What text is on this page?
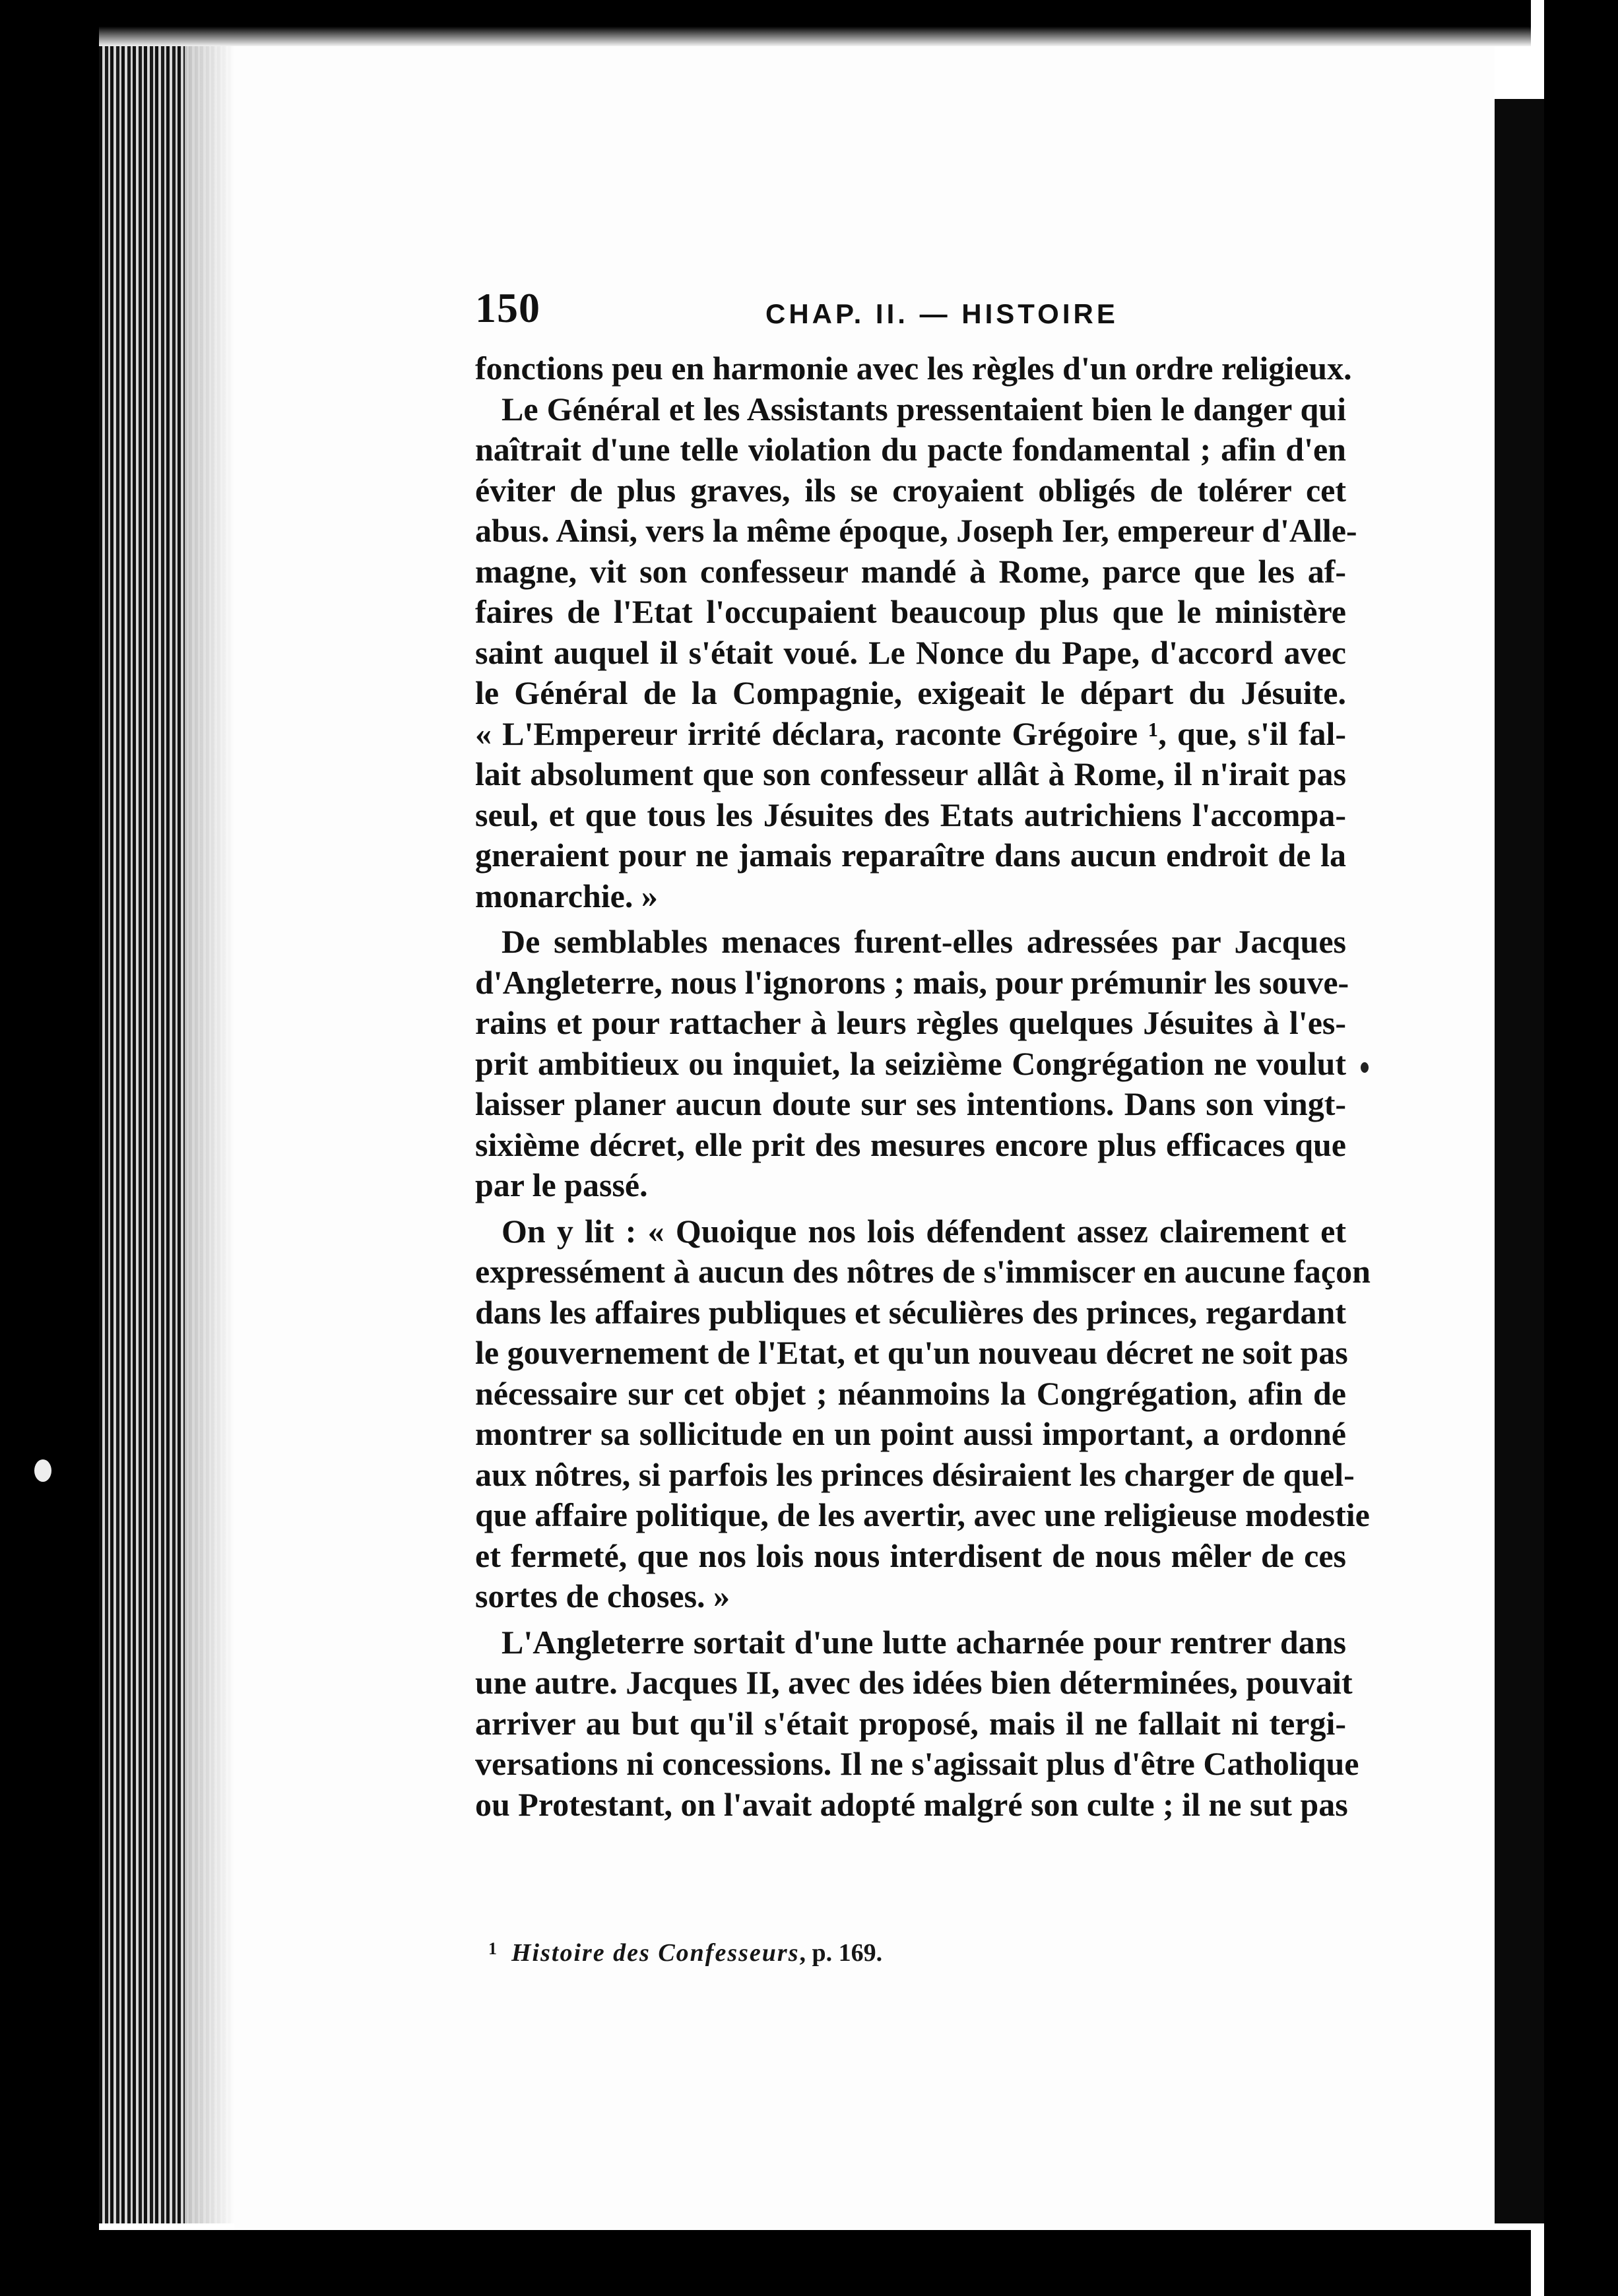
150	CHAP. II. — HISTOIRE
fonctions peu en harmonie avec les règles d'un ordre religieux.
Le Général et les Assistants pressentaient bien le danger qui
naîtrait d'une telle violation du pacte fondamental ; afin d'en
éviter de plus graves, ils se croyaient obligés de tolérer cet
abus. Ainsi, vers la même époque, Joseph Ier, empereur d'Alle-
magne, vit son confesseur mandé à Rome, parce que les af-
faires de l'Etat l'occupaient beaucoup plus que le ministère
saint auquel il s'était voué. Le Nonce du Pape, d'accord avec
le Général de la Compagnie, exigeait le départ du Jésuite.
« L'Empereur irrité déclara, raconte Grégoire ¹, que, s'il fal-
lait absolument que son confesseur allât à Rome, il n'irait pas
seul, et que tous les Jésuites des Etats autrichiens l'accompa-
gneraient pour ne jamais reparaître dans aucun endroit de la
monarchie. »
De semblables menaces furent-elles adressées par Jacques
d'Angleterre, nous l'ignorons ; mais, pour prémunir les souve-
rains et pour rattacher à leurs règles quelques Jésuites à l'es-
prit ambitieux ou inquiet, la seizième Congrégation ne voulut
laisser planer aucun doute sur ses intentions. Dans son vingt-
sixième décret, elle prit des mesures encore plus efficaces que
par le passé.
On y lit : « Quoique nos lois défendent assez clairement et
expressément à aucun des nôtres de s'immiscer en aucune façon
dans les affaires publiques et séculières des princes, regardant
le gouvernement de l'Etat, et qu'un nouveau décret ne soit pas
nécessaire sur cet objet ; néanmoins la Congrégation, afin de
montrer sa sollicitude en un point aussi important, a ordonné
aux nôtres, si parfois les princes désiraient les charger de quel-
que affaire politique, de les avertir, avec une religieuse modestie
et fermeté, que nos lois nous interdisent de nous mêler de ces
sortes de choses. »
L'Angleterre sortait d'une lutte acharnée pour rentrer dans
une autre. Jacques II, avec des idées bien déterminées, pouvait
arriver au but qu'il s'était proposé, mais il ne fallait ni tergi-
versations ni concessions. Il ne s'agissait plus d'être Catholique
ou Protestant, on l'avait adopté malgré son culte ; il ne sut pas
$^1$ Histoire des Confesseurs, p. 169.
